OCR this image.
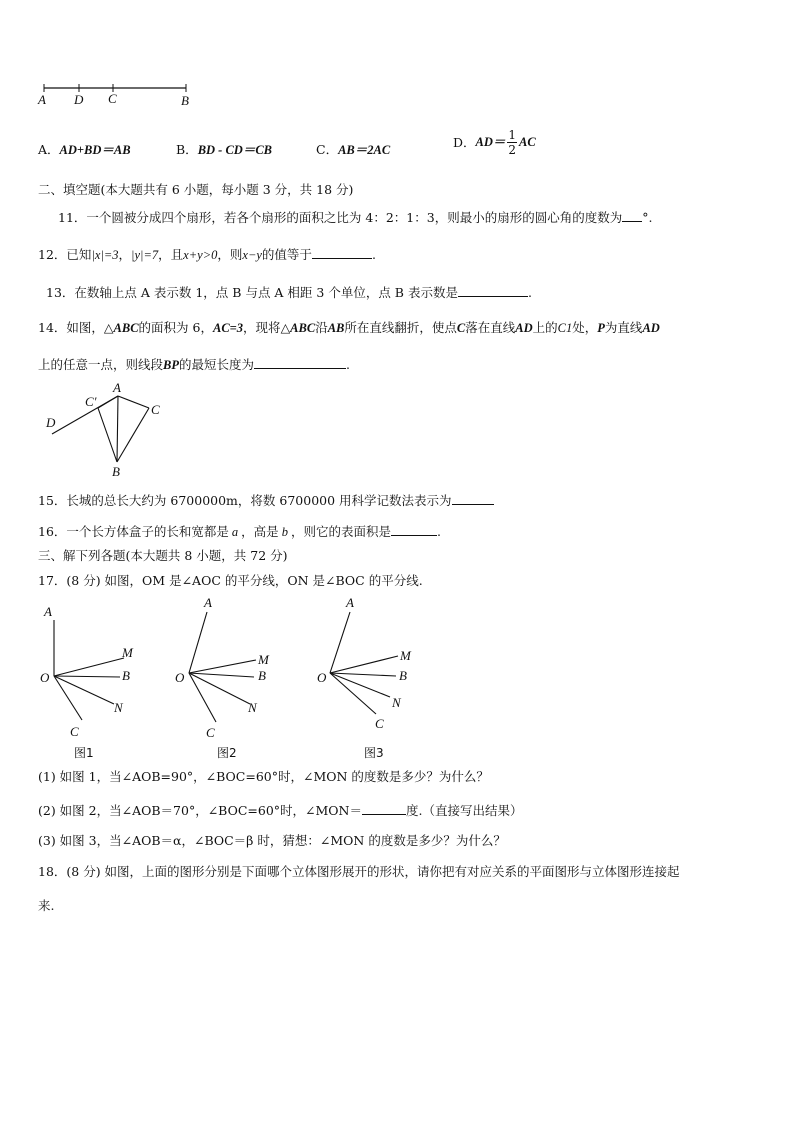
A D C	B
A．AD+BD＝AB	B．BD - CD＝CB	C．AB＝2AC	D．$AD= \frac{1}{2}$ AC
二、填空题(本大题共有 6 小题，每小题 3 分，共 18 分)
11．一个圆被分成四个扇形，若各个扇形的面积之比为 4：2：1：3，则最小的扇形的圆心角的度数为 °.
12．已知|x|=3，|y|=7，且x+y>0，则x−y的值等于	.
13．在数轴上点 A 表示数 1，点 B 与点 A 相距 3 个单位，点 B 表示数是	.
14．如图，△ABC的面积为 6，AC=3，现将△ABC沿AB所在直线翻折，使点C落在直线AD上的C1处，P为直线AD
上的任意一点，则线段BP的最短长度为	.
A
C′
C
D
B
15．长城的总长大约为 6700000m，将数 6700000 用科学记数法表示为
16．一个长方体盒子的长和宽都是 a ，高是 b ，则它的表面积是	.
三、解下列各题(本大题共 8 小题，共 72 分)
17．(8 分) 如图，OM 是∠AOC 的平分线，ON 是∠BOC 的平分线.
A
M
B
O
N
C
图1
A
M
B
O
N
C
图2
A
M
B
O
N
C
图3
(1) 如图 1，当∠AOB=90°，∠BOC=60°时，∠MON 的度数是多少？为什么？
(2) 如图 2，当∠AOB＝70°，∠BOC=60°时，∠MON＝	度.（直接写出结果）
(3) 如图 3，当∠AOB＝α，∠BOC＝β 时，猜想：∠MON 的度数是多少？为什么？
18．(8 分) 如图，上面的图形分别是下面哪个立体图形展开的形状，请你把有对应关系的平面图形与立体图形连接起
来.
